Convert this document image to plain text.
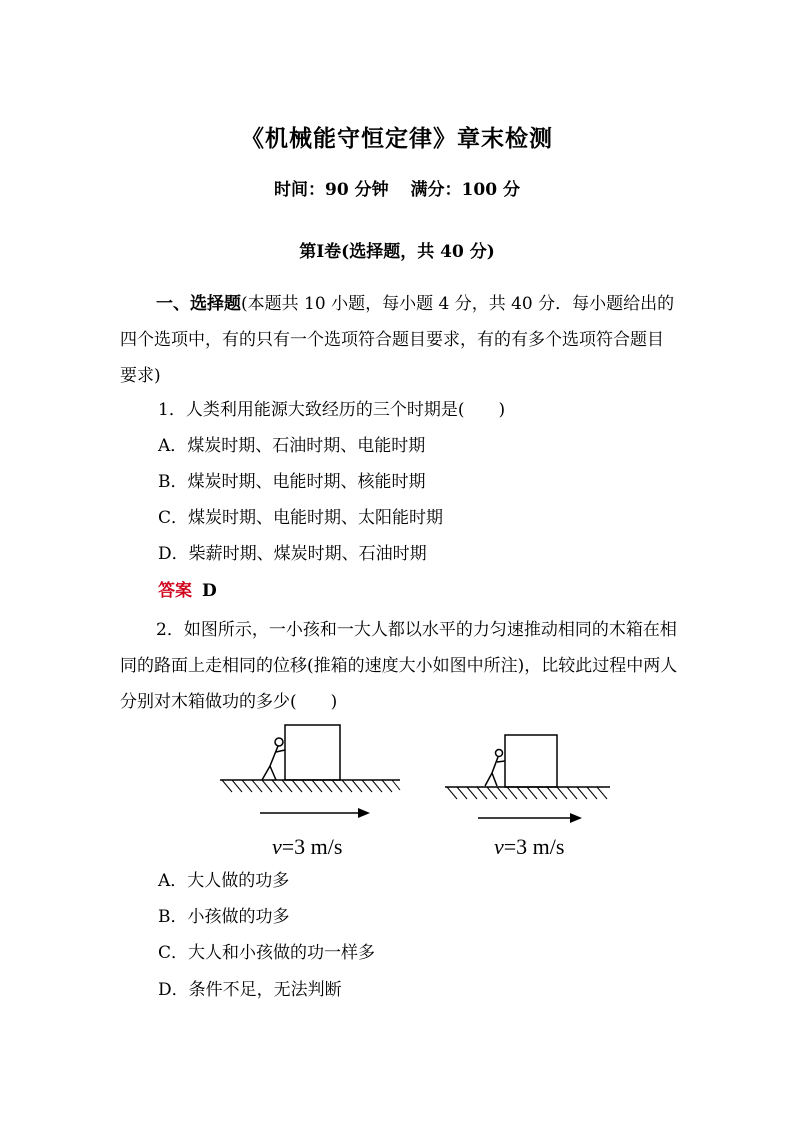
《机械能守恒定律》章末检测
时间：90 分钟 满分：100 分
第Ⅰ卷(选择题，共 40 分)
一、选择题(本题共 10 小题，每小题 4 分，共 40 分．每小题给出的四个选项中，有的只有一个选项符合题目要求，有的有多个选项符合题目要求)
1．人类利用能源大致经历的三个时期是(　　)
A．煤炭时期、石油时期、电能时期
B．煤炭时期、电能时期、核能时期
C．煤炭时期、电能时期、太阳能时期
D．柴薪时期、煤炭时期、石油时期
答案 D
2．如图所示，一小孩和一大人都以水平的力匀速推动相同的木箱在相同的路面上走相同的位移(推箱的速度大小如图中所注)，比较此过程中两人分别对木箱做功的多少(　　)
v=3 m/s	v=3 m/s
A．大人做的功多
B．小孩做的功多
C．大人和小孩做的功一样多
D．条件不足，无法判断
